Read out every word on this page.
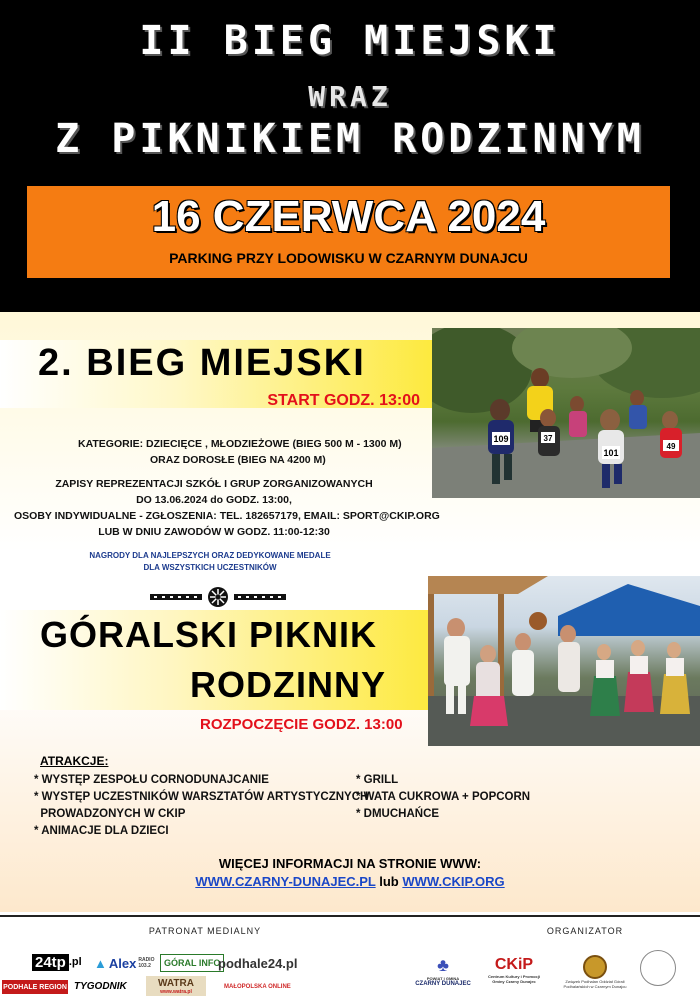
II BIEG MIEJSKI
WRAZ
Z PIKNIKIEM RODZINNYM
16 CZERWCA 2024
PARKING PRZY LODOWISKU W CZARNYM DUNAJCU
2. BIEG MIEJSKI
START GODZ. 13:00
109
101
37
49
KATEGORIE: DZIECIĘCE , MŁODZIEŻOWE (BIEG 500 M - 1300 M)
ORAZ DOROSŁE (BIEG NA 4200 M)
ZAPISY REPREZENTACJI SZKÓŁ I GRUP ZORGANIZOWANYCH
DO 13.06.2024 do GODZ. 13:00,
OSOBY INDYWIDUALNE - ZGŁOSZENIA: TEL. 182657179, EMAIL: SPORT@CKIP.ORG
LUB W DNIU ZAWODÓW W GODZ. 11:00-12:30
NAGRODY DLA NAJLEPSZYCH ORAZ DEDYKOWANE MEDALE
DLA WSZYSTKICH UCZESTNIKÓW
GÓRALSKI PIKNIK
RODZINNY
ROZPOCZĘCIE GODZ. 13:00
ATRAKCJE:
* WYSTĘP ZESPOŁU CORNODUNAJCANIE
* WYSTĘP UCZESTNIKÓW WARSZTATÓW ARTYSTYCZNYCH
PROWADZONYCH W CKIP
* ANIMACJE DLA DZIECI
* GRILL
* WATA CUKROWA + POPCORN
* DMUCHAŃCE
WIĘCEJ INFORMACJI NA STRONIE WWW:
WWW.CZARNY-DUNAJEC.PL lub WWW.CKIP.ORG
PATRONAT MEDIALNY	ORGANIZATOR
24tp .pl ▲ Alex RADIO 103.2	GÓRAL INFO
podhale24.pl
PODHALE REGION TYGODNIK	WATRA
www.watra.pl
MAŁOPOLSKA ONLINE
♣
POWIAT I GMINA
CZARNY DUNAJEC
CKiP
Centrum Kultury i Promocji Gminy Czarny Dunajec	Związek Podhalan Oddział Górali Podhalańskich w Czarnym Dunajcu
